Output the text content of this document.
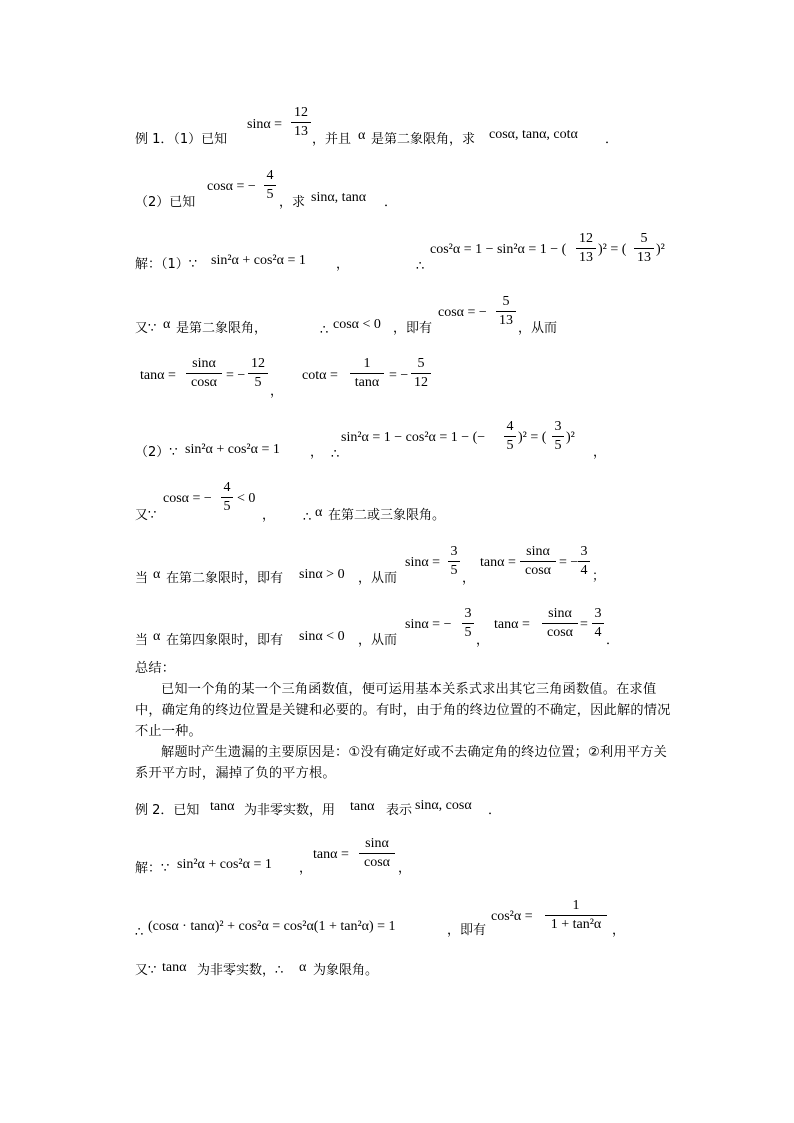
例 1．（1）已知
$\sin\alpha = \frac{12}{13}$
，并且 α 是第二象限角，求 cosα, tanα, cotα ．
（2）已知
cosα = − $\frac{4}{5}$
，求 sinα, tanα ．
解：（1）∵ sin²α + cos²α = 1 ，	∴
cos²α = 1 − sin²α = 1 − ( $\frac{12}{13} )^2$ = ( $\frac{5}{13} )^2$
又∵ α 是第二象限角，	∴ cosα < 0 ，即有
cosα = − $\frac{5}{13}$
，从而
$\tan\alpha = \frac{\sin\alpha}{\cos\alpha}$ = − $\frac{12}{5}$
，
$\cot\alpha = \frac{1}{\tan\alpha}$ = − $\frac{5}{12}$
（2）∵ sin²α + cos²α = 1 ， ∴
sin²α = 1 − cos²α = 1 − (− $\frac{4}{5} )^2$ = ( $\frac{3}{5} )^2$
，
又∵
cosα = − $\frac{4}{5} < 0$
， ∴ α 在第二或三象限角。
当 α 在第二象限时，即有 sinα > 0 ，从而
$\sin\alpha = \frac{3}{5}$
，
$\tan\alpha = \frac{\sin\alpha}{\cos\alpha}$ = − $\frac{3}{4}$ ；
当 α 在第四象限时，即有 sinα < 0 ，从而
sinα = − $\frac{3}{5}$
，
$\tan\alpha = \frac{\sin\alpha}{\cos\alpha} = \frac{3}{4}$
．
总结：
已知一个角的某一个三角函数值，便可运用基本关系式求出其它三角函数值。在求值中，确定角的终边位置是关键和必要的。有时，由于角的终边位置的不确定，因此解的情况不止一种。
解题时产生遗漏的主要原因是：①没有确定好或不去确定角的终边位置；②利用平方关系开平方时，漏掉了负的平方根。
例 2．已知 tanα 为非零实数，用 tanα 表示 sinα, cosα ．
解：∵ sin²α + cos²α = 1 ，
$\tan\alpha = \frac{\sin\alpha}{\cos\alpha}$ ，
∴ (cosα · tanα)² + cos²α = cos²α(1 + tan²α) = 1	，即有
$\cos^2\alpha = \frac{1}{\text{1 + tan²α}}$ ，
又∵ tanα 为非零实数，∴ α 为象限角。
